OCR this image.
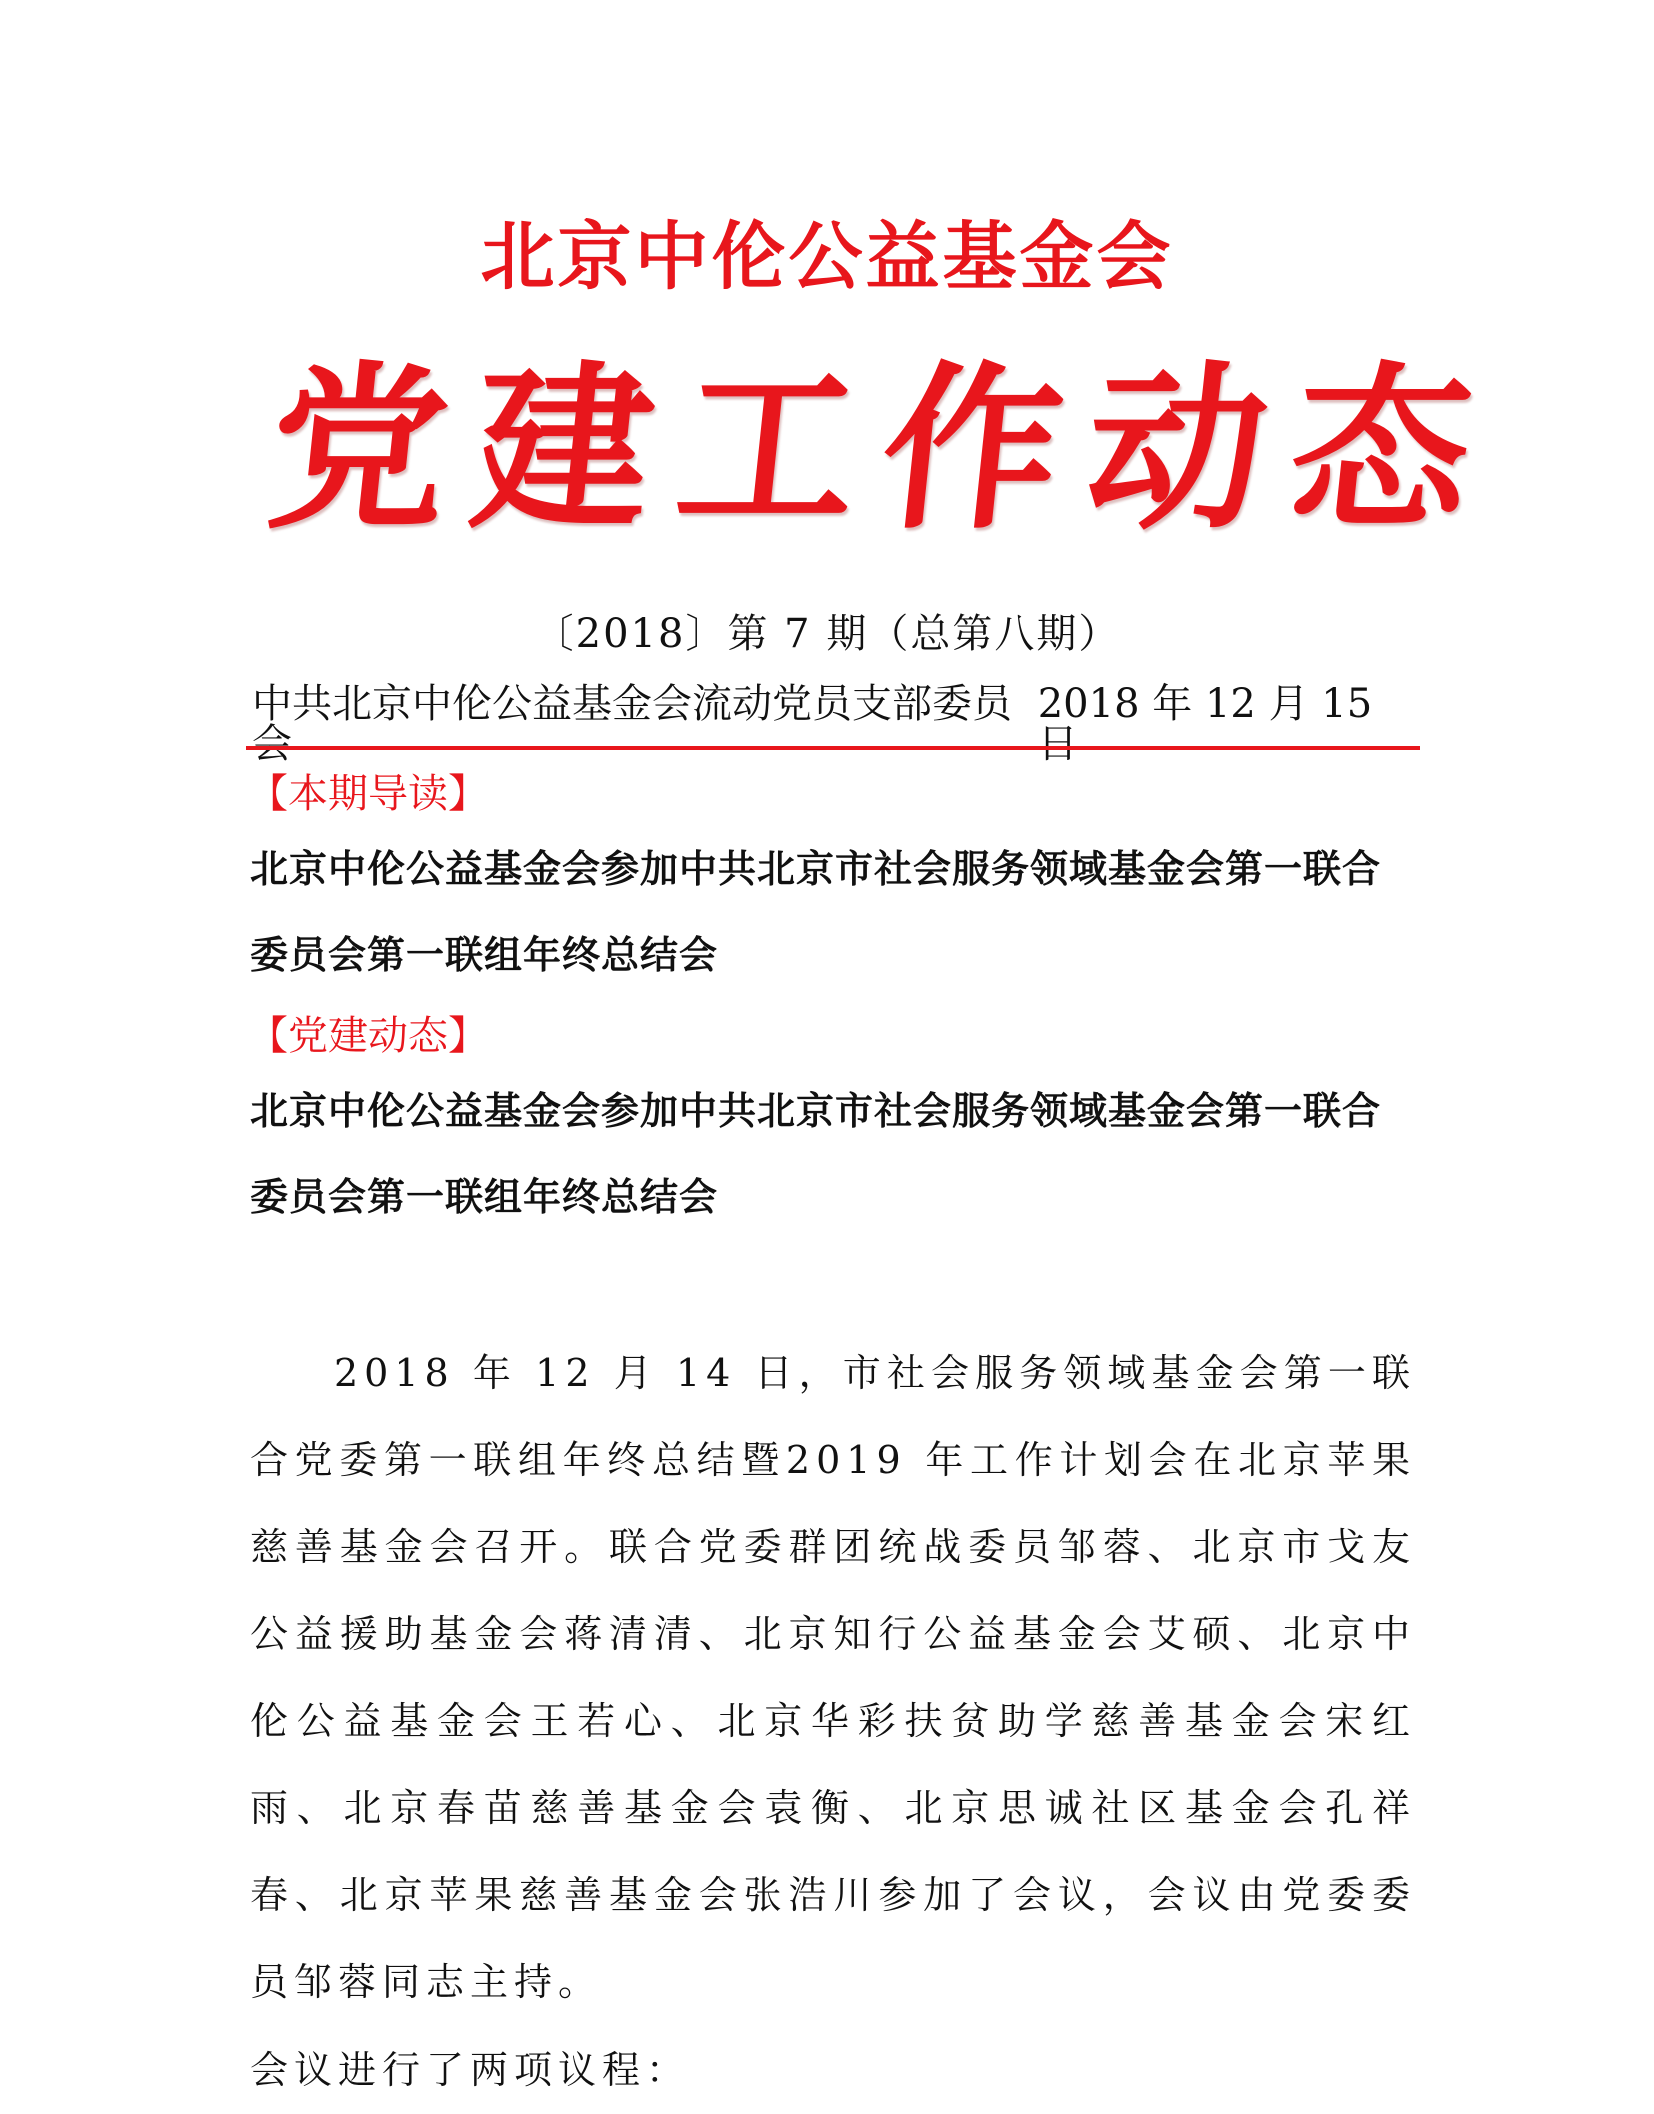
北京中伦公益基金会
党 建 工 作 动 态
〔2018〕第 7 期（总第八期）
中共北京中伦公益基金会流动党员支部委员会
2018 年 12 月 15 日
【本期导读】
北京中伦公益基金会参加中共北京市社会服务领域基金会第一联合委员会第一联组年终总结会
【党建动态】
北京中伦公益基金会参加中共北京市社会服务领域基金会第一联合委员会第一联组年终总结会
2018 年 12 月 14 日，市社会服务领域基金会第一联合党委第一联组年终总结暨2019 年工作计划会在北京苹果慈善基金会召开。联合党委群团统战委员邹蓉、北京市戈友公益援助基金会蒋清清、北京知行公益基金会艾硕、北京中伦公益基金会王若心、北京华彩扶贫助学慈善基金会宋红雨、北京春苗慈善基金会袁衡、北京思诚社区基金会孔祥春、北京苹果慈善基金会张浩川参加了会议，会议由党委委员邹蓉同志主持。
会议进行了两项议程：
